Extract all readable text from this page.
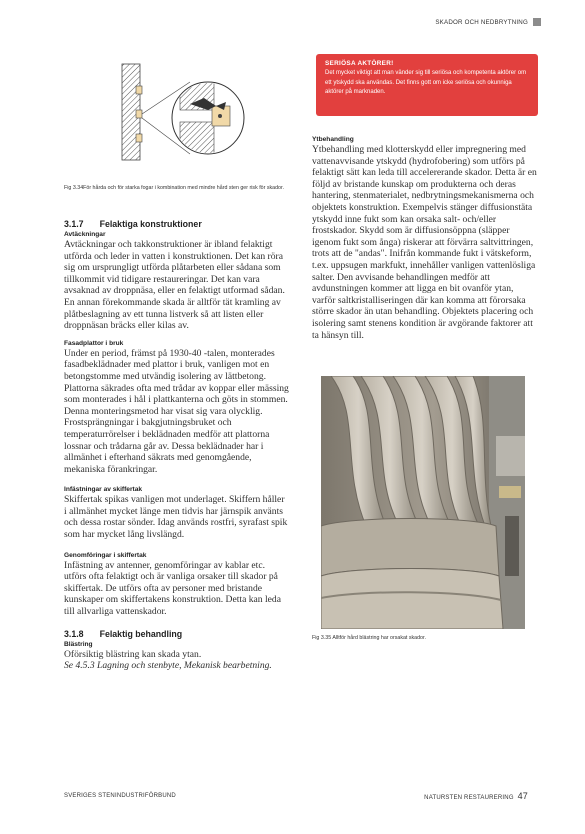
SKADOR OCH NEDBRYTNING
Fig 3.34För hårda och för starka fogar i kombination med mindre hård sten ger risk för skador.
3.1.7 Felaktiga konstruktioner
Avtäckningar

Avtäckningar och takkonstruktioner är ibland felaktigt utförda och leder in vatten i konstruktionen. Det kan röra sig om ursprungligt utförda plåtarbeten eller sådana som tillkommit vid tidigare restaureringar. Det kan vara avsaknad av droppnäsa, eller en felaktigt utformad sådan. En annan förekommande skada är alltför tät kramling av plåtbeslagning av ett tunna listverk så att listen eller droppnäsan bräcks eller kilas av.

Fasadplattor i bruk

Under en period, främst på 1930-40 -talen, monterades fasadbeklädnader med plattor i bruk, vanligen mot en betongstomme med utvändig isolering av lättbetong. Plattorna säkrades ofta med trådar av koppar eller mässing som monterades i hål i plattkanterna och göts in stommen. Denna monteringsmetod har visat sig vara olycklig. Frostsprängningar i bakgjutningsbruket och temperaturrörelser i beklädnaden medför att plattorna lossnar och trådarna går av. Dessa beklädnader har i allmänhet i efterhand säkrats med genomgående, mekaniska förankringar.

Infästningar av skiffertak

Skiffertak spikas vanligen mot underlaget. Skiffern håller i allmänhet mycket länge men tidvis har järnspik använts och dessa rostar sönder. Idag används rostfri, syrafast spik som har mycket lång livslängd.

Genomföringar i skiffertak

Infästning av antenner, genomföringar av kablar etc. utförs ofta felaktigt och är vanliga orsaker till skador på skiffertak. De utförs ofta av personer med bristande kunskaper om skiffertakens konstruktion. Detta kan leda till allvarliga vattenskador.

3.1.8 Felaktig behandling
Blästring

Oförsiktig blästring kan skada ytan.

Se 4.5.3 Lagning och stenbyte, Mekanisk bearbetning.

SERIÖSA AKTÖRER!
Det mycket viktigt att man vänder sig till seriösa och kompetenta aktörer om ett ytskydd ska användas. Det finns gott om icke seriösa och okunniga aktörer på marknaden.
Ytbehandling

Ytbehandling med klotterskydd eller impregnering med vattenavvisande ytskydd (hydrofobering) som utförs på felaktigt sätt kan leda till accelererande skador. Detta är en följd av bristande kunskap om produkterna och deras hantering, stenmaterialet, nedbrytningsmekanismerna och objektets konstruktion. Exempelvis stänger diffusionstäta ytskydd inne fukt som kan orsaka salt- och/eller frostskador. Skydd som är diffusionsöppna (släpper igenom fukt som ånga) riskerar att förvärra saltvittringen, trots att de "andas". Inifrån kommande fukt i vätskeform, t.ex. uppsugen markfukt, innehåller vanligen vattenlösliga salter. Den avvisande behandlingen medför att avdunstningen kommer att ligga en bit ovanför ytan, varför saltkristalliseringen där kan komma att förorsaka större skador än utan behandling. Objektets placering och isolering samt stenens kondition är avgörande faktorer att ta hänsyn till.

Fig 3.35 Alltför hård blästring har orsakat skador.
SVERIGES STENINDUSTRIFÖRBUND	NATURSTEN RESTAURERING 47
